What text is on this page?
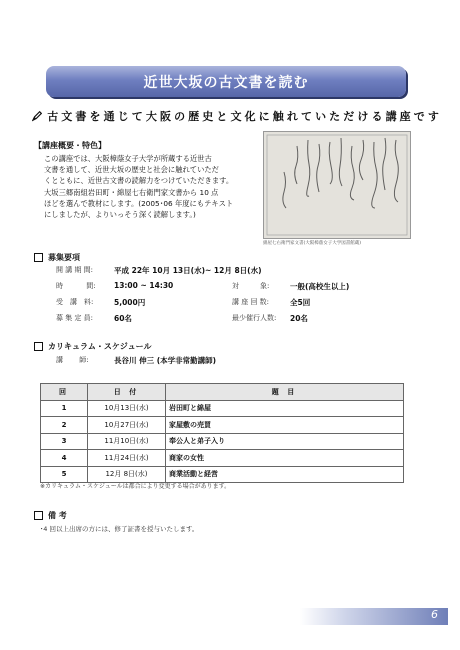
近世大坂の古文書を読む
古文書を通じて大阪の歴史と文化に触れていただける講座です
【講座概要・特色】

この講座では、大阪樟蔭女子大学が所蔵する近世古

文書を通して、近世大坂の歴史と社会に触れていただ

くとともに、近世古文書の読解力をつけていただきます。

大坂三郷南組岩田町・綿屋七右衛門家文書から 10 点

ほどを選んで教材にします。(2005･06 年度にもテキスト

にしましたが、よりいっそう深く読解します。)

綿屋七右衛門家文書(大阪樟蔭女子大学図書館蔵)
募集要項
開 講 期 間:	平成 22年 10月 13日(水)~ 12月 8日(水)
時　　　 間:	13:00 ~ 14:30	対　　　象:	一般(高校生以上)
受　講　料:	5,000円	講 座 回 数:	全5回
募 集 定 員:	60名	最少催行人数:	20名
カリキュラム・スケジュール
講　　 師:	長谷川 伸三 (本学非常勤講師)
回	日 付	題 目
1	10月13日(水)	岩田町と綿屋
2	10月27日(水)	家屋敷の売買
3	11月10日(水)	奉公人と弟子入り
4	11月24日(水)	商家の女性
5	12月 8日(水)	商業活動と経営
※カリキュラム・スケジュールは都合により変更する場合があります。
備 考
･4 回以上出席の方には、修了証書を授与いたします。
6
